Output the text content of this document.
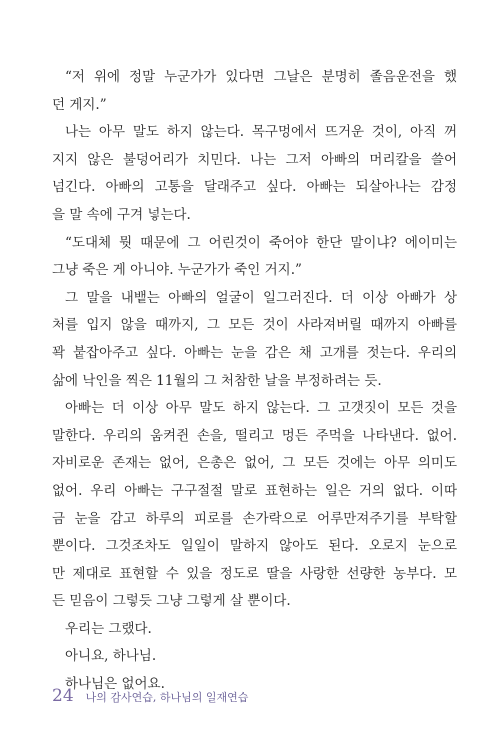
“저 위에 정말 누군가가 있다면 그날은 분명히 졸음운전을 했
던 게지.”
나는 아무 말도 하지 않는다. 목구멍에서 뜨거운 것이, 아직 꺼
지지 않은 불덩어리가 치민다. 나는 그저 아빠의 머리칼을 쓸어
넘긴다. 아빠의 고통을 달래주고 싶다. 아빠는 되살아나는 감정
을 말 속에 구겨 넣는다.
“도대체 뭣 때문에 그 어린것이 죽어야 한단 말이냐? 에이미는
그냥 죽은 게 아니야. 누군가가 죽인 거지.”
그 말을 내뱉는 아빠의 얼굴이 일그러진다. 더 이상 아빠가 상
처를 입지 않을 때까지, 그 모든 것이 사라져버릴 때까지 아빠를
꽉 붙잡아주고 싶다. 아빠는 눈을 감은 채 고개를 젓는다. 우리의
삶에 낙인을 찍은 11월의 그 처참한 날을 부정하려는 듯.
아빠는 더 이상 아무 말도 하지 않는다. 그 고갯짓이 모든 것을
말한다. 우리의 움켜쥔 손을, 떨리고 멍든 주먹을 나타낸다. 없어.
자비로운 존재는 없어, 은총은 없어, 그 모든 것에는 아무 의미도
없어. 우리 아빠는 구구절절 말로 표현하는 일은 거의 없다. 이따
금 눈을 감고 하루의 피로를 손가락으로 어루만져주기를 부탁할
뿐이다. 그것조차도 일일이 말하지 않아도 된다. 오로지 눈으로
만 제대로 표현할 수 있을 정도로 딸을 사랑한 선량한 농부다. 모
든 믿음이 그렇듯 그냥 그렇게 살 뿐이다.
우리는 그랬다.
아니요, 하나님.
하나님은 없어요.
24 나의 감사연습, 하나님의 일재연습
